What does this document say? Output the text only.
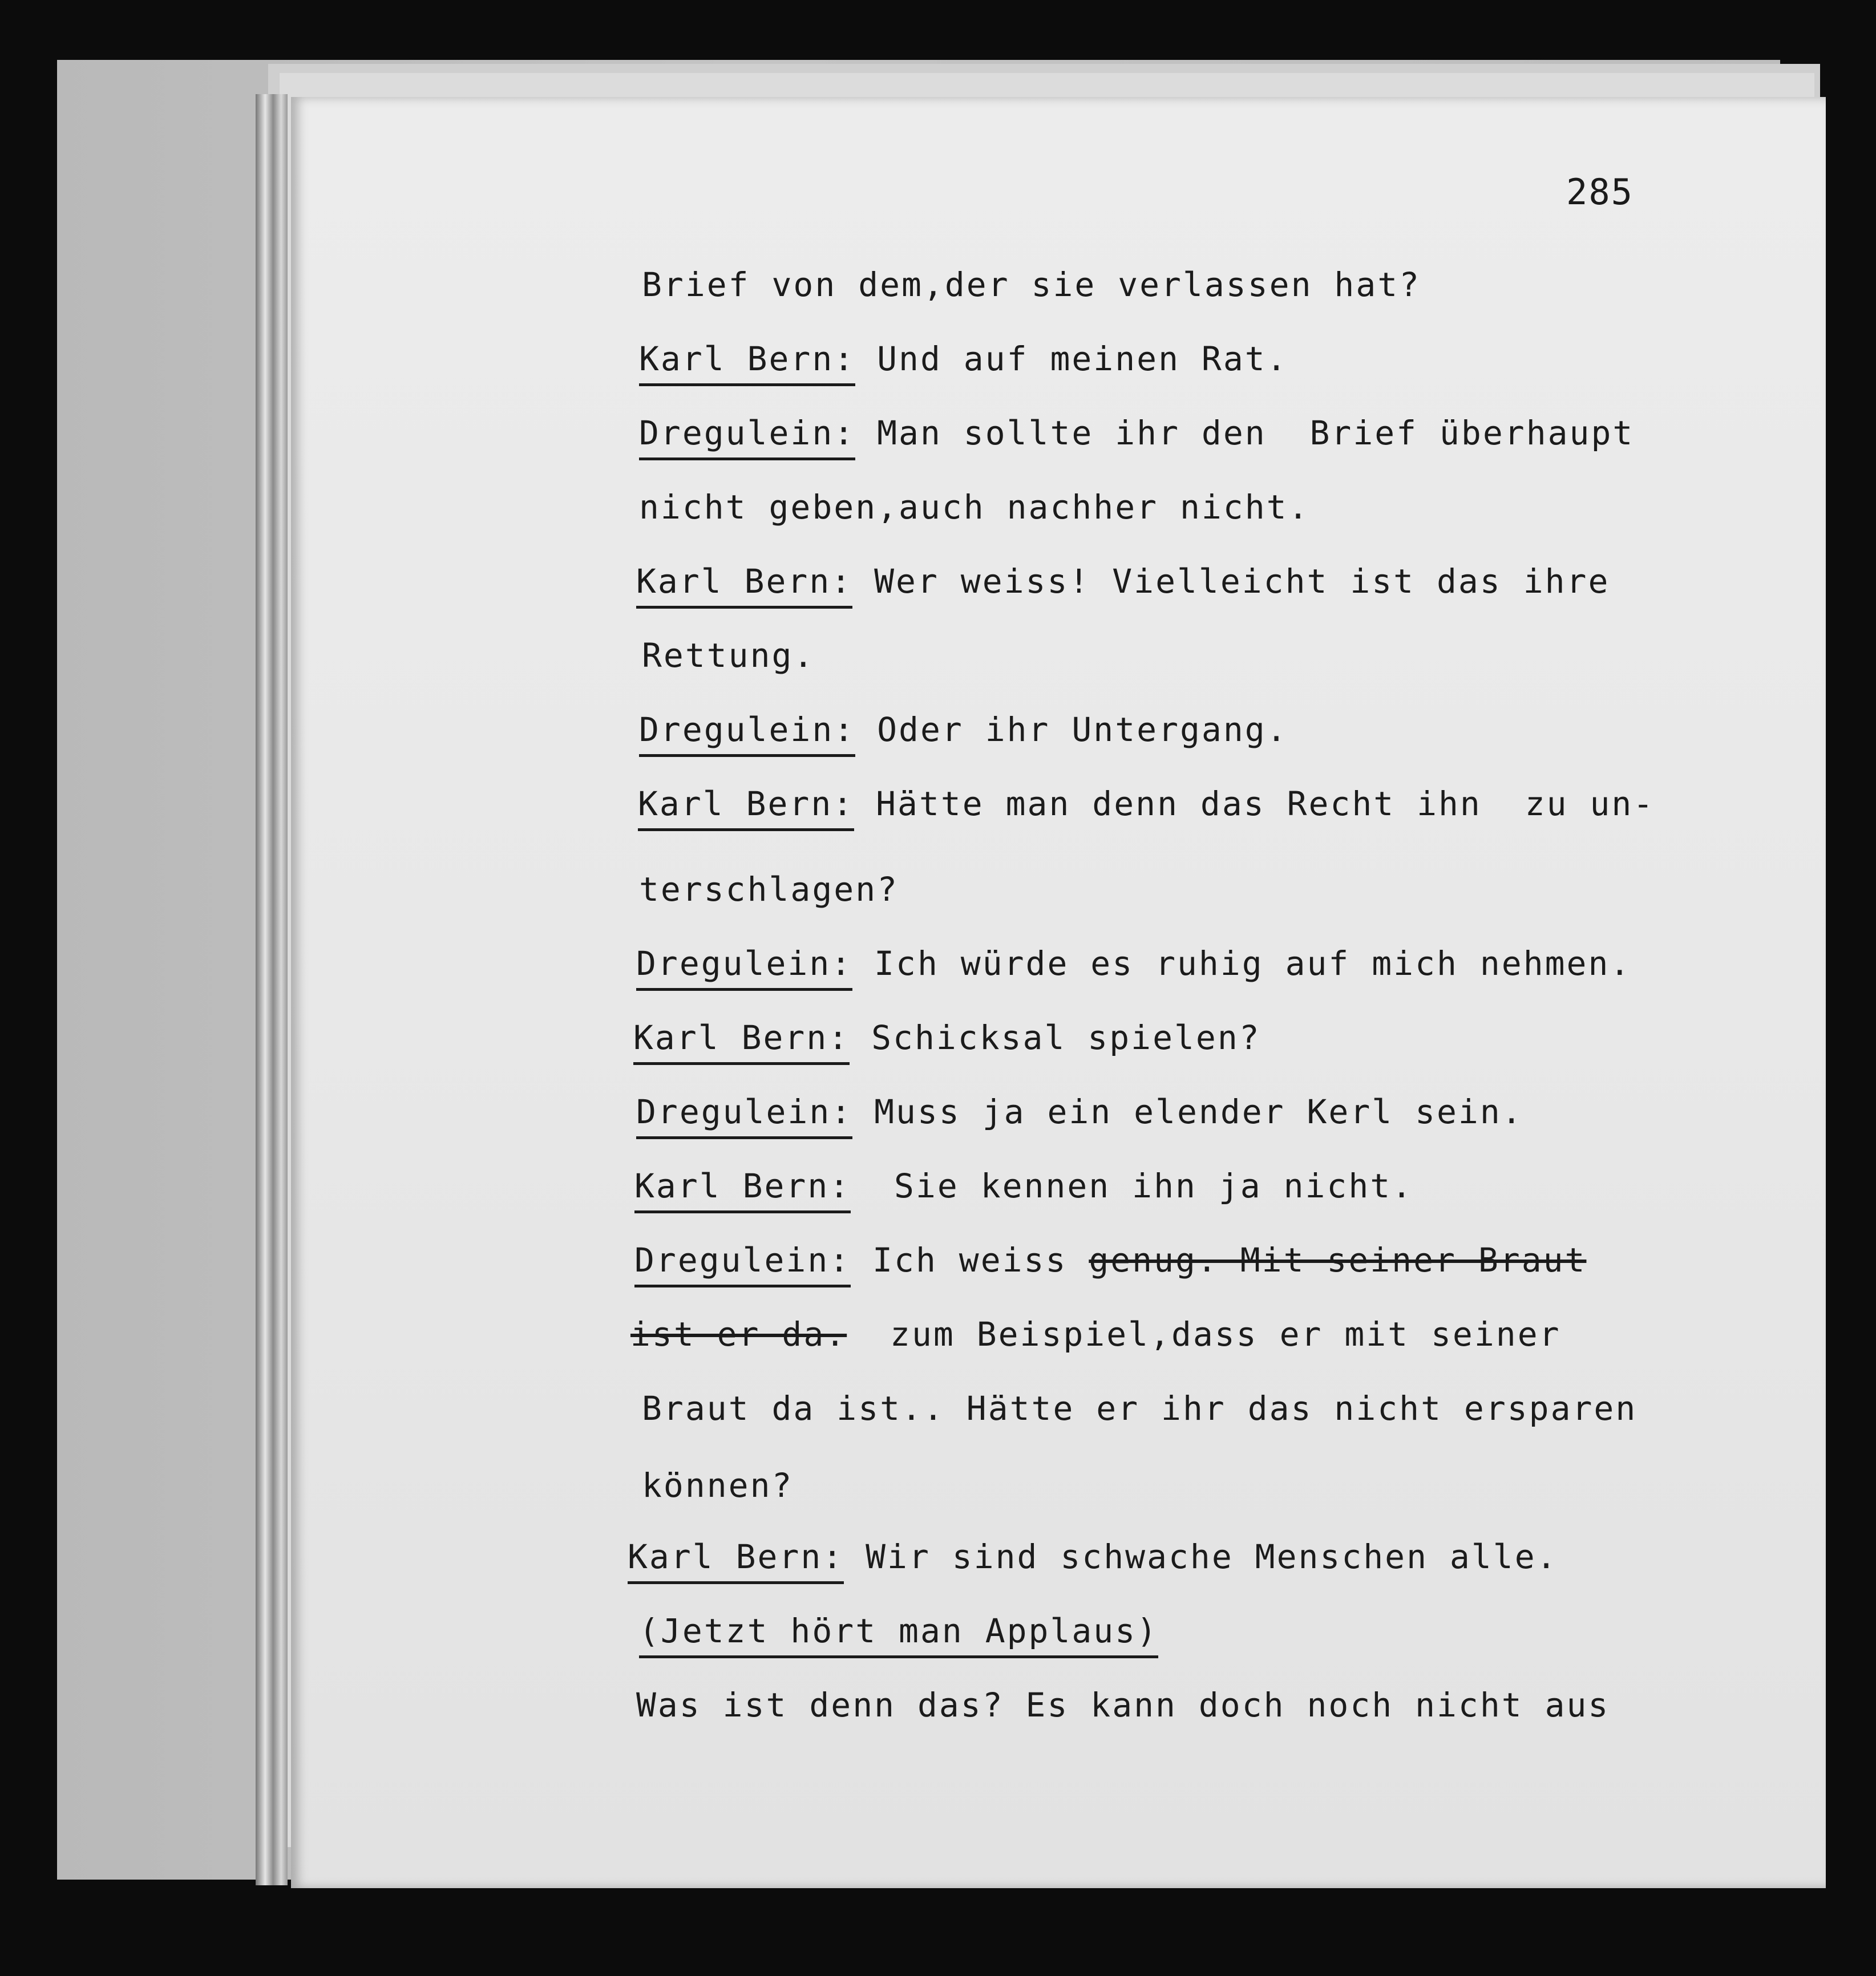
285
Brief von dem,der sie verlassen hat?
Karl Bern: Und auf meinen Rat.
Dregulein: Man sollte ihr den  Brief überhaupt
nicht geben,auch nachher nicht.
Karl Bern: Wer weiss! Vielleicht ist das ihre
Rettung.
Dregulein: Oder ihr Untergang.
Karl Bern: Hätte man denn das Recht ihn  zu un-
terschlagen?
Dregulein: Ich würde es ruhig auf mich nehmen.
Karl Bern: Schicksal spielen?
Dregulein: Muss ja ein elender Kerl sein.
Karl Bern:  Sie kennen ihn ja nicht.
Dregulein: Ich weiss genug. Mit seiner Braut
ist er da.  zum Beispiel,dass er mit seiner
Braut da ist.. Hätte er ihr das nicht ersparen
können?
Karl Bern: Wir sind schwache Menschen alle.
(Jetzt hört man Applaus)
Was ist denn das? Es kann doch noch nicht aus
